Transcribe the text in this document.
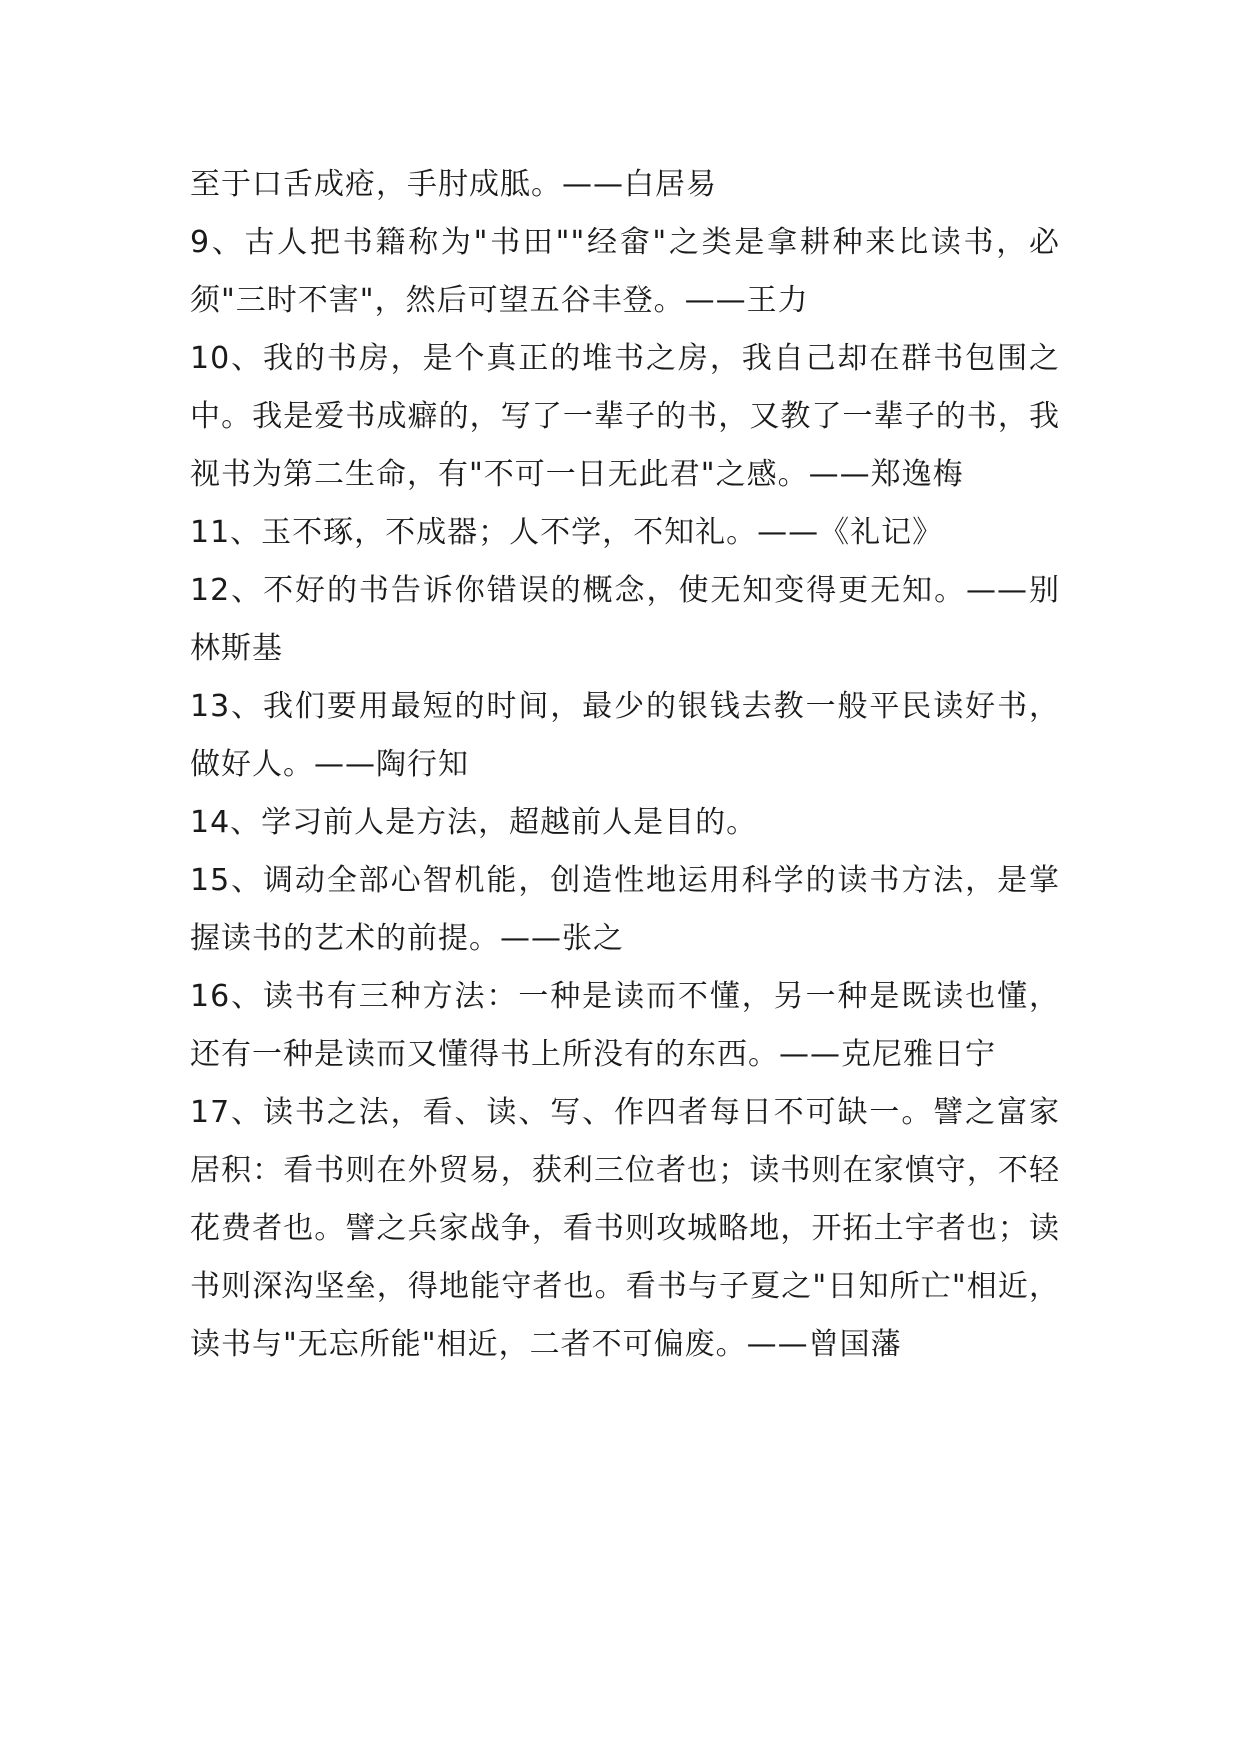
至于口舌成疮，手肘成胝。——白居易

9、古人把书籍称为"书田""经畲"之类是拿耕种来比读书，必须"三时不害"，然后可望五谷丰登。——王力

10、我的书房，是个真正的堆书之房，我自己却在群书包围之中。我是爱书成癖的，写了一辈子的书，又教了一辈子的书，我视书为第二生命，有"不可一日无此君"之感。——郑逸梅

11、玉不琢，不成器；人不学，不知礼。——《礼记》

12、不好的书告诉你错误的概念，使无知变得更无知。——别林斯基

13、我们要用最短的时间，最少的银钱去教一般平民读好书，做好人。——陶行知

14、学习前人是方法，超越前人是目的。

15、调动全部心智机能，创造性地运用科学的读书方法，是掌握读书的艺术的前提。——张之

16、读书有三种方法：一种是读而不懂，另一种是既读也懂，还有一种是读而又懂得书上所没有的东西。——克尼雅日宁

17、读书之法，看、读、写、作四者每日不可缺一。譬之富家居积：看书则在外贸易，获利三位者也；读书则在家慎守，不轻花费者也。譬之兵家战争，看书则攻城略地，开拓土宇者也；读书则深沟坚垒，得地能守者也。看书与子夏之"日知所亡"相近，读书与"无忘所能"相近，二者不可偏废。——曾国藩
